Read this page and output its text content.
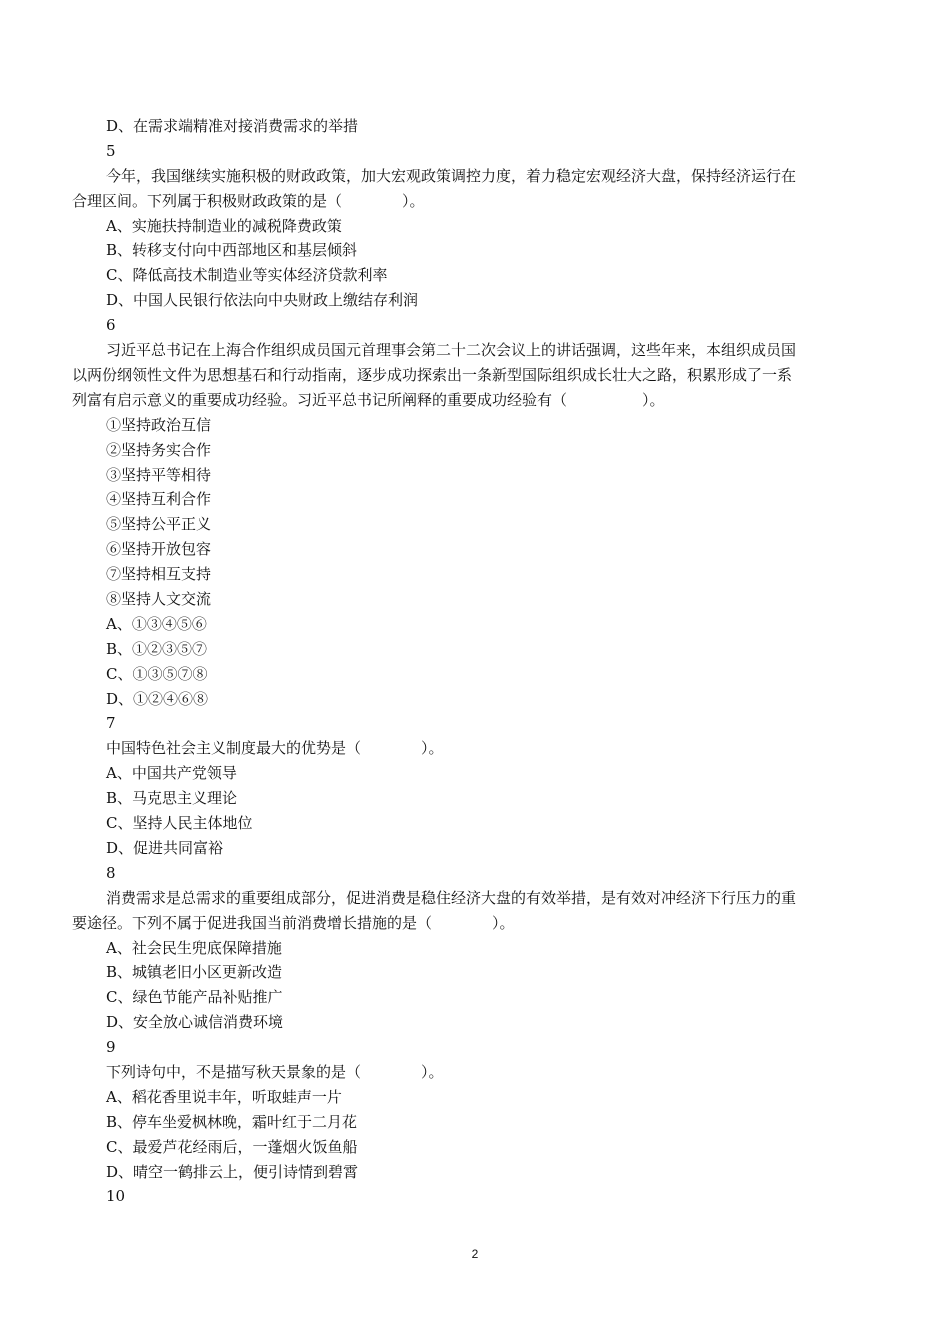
D、在需求端精准对接消费需求的举措
5
今年，我国继续实施积极的财政政策，加大宏观政策调控力度，着力稳定宏观经济大盘，保持经济运行在
合理区间。下列属于积极财政政策的是（　　　　）。
A、实施扶持制造业的减税降费政策
B、转移支付向中西部地区和基层倾斜
C、降低高技术制造业等实体经济贷款利率
D、中国人民银行依法向中央财政上缴结存利润
6
习近平总书记在上海合作组织成员国元首理事会第二十二次会议上的讲话强调，这些年来，本组织成员国
以两份纲领性文件为思想基石和行动指南，逐步成功探索出一条新型国际组织成长壮大之路，积累形成了一系
列富有启示意义的重要成功经验。习近平总书记所阐释的重要成功经验有（　　　　　）。
①坚持政治互信
②坚持务实合作
③坚持平等相待
④坚持互利合作
⑤坚持公平正义
⑥坚持开放包容
⑦坚持相互支持
⑧坚持人文交流
A、①③④⑤⑥
B、①②③⑤⑦
C、①③⑤⑦⑧
D、①②④⑥⑧
7
中国特色社会主义制度最大的优势是（　　　　）。
A、中国共产党领导
B、马克思主义理论
C、坚持人民主体地位
D、促进共同富裕
8
消费需求是总需求的重要组成部分，促进消费是稳住经济大盘的有效举措，是有效对冲经济下行压力的重
要途径。下列不属于促进我国当前消费增长措施的是（　　　　）。
A、社会民生兜底保障措施
B、城镇老旧小区更新改造
C、绿色节能产品补贴推广
D、安全放心诚信消费环境
9
下列诗句中，不是描写秋天景象的是（　　　　）。
A、稻花香里说丰年，听取蛙声一片
B、停车坐爱枫林晚，霜叶红于二月花
C、最爱芦花经雨后，一蓬烟火饭鱼船
D、晴空一鹤排云上，便引诗情到碧霄
10
2
